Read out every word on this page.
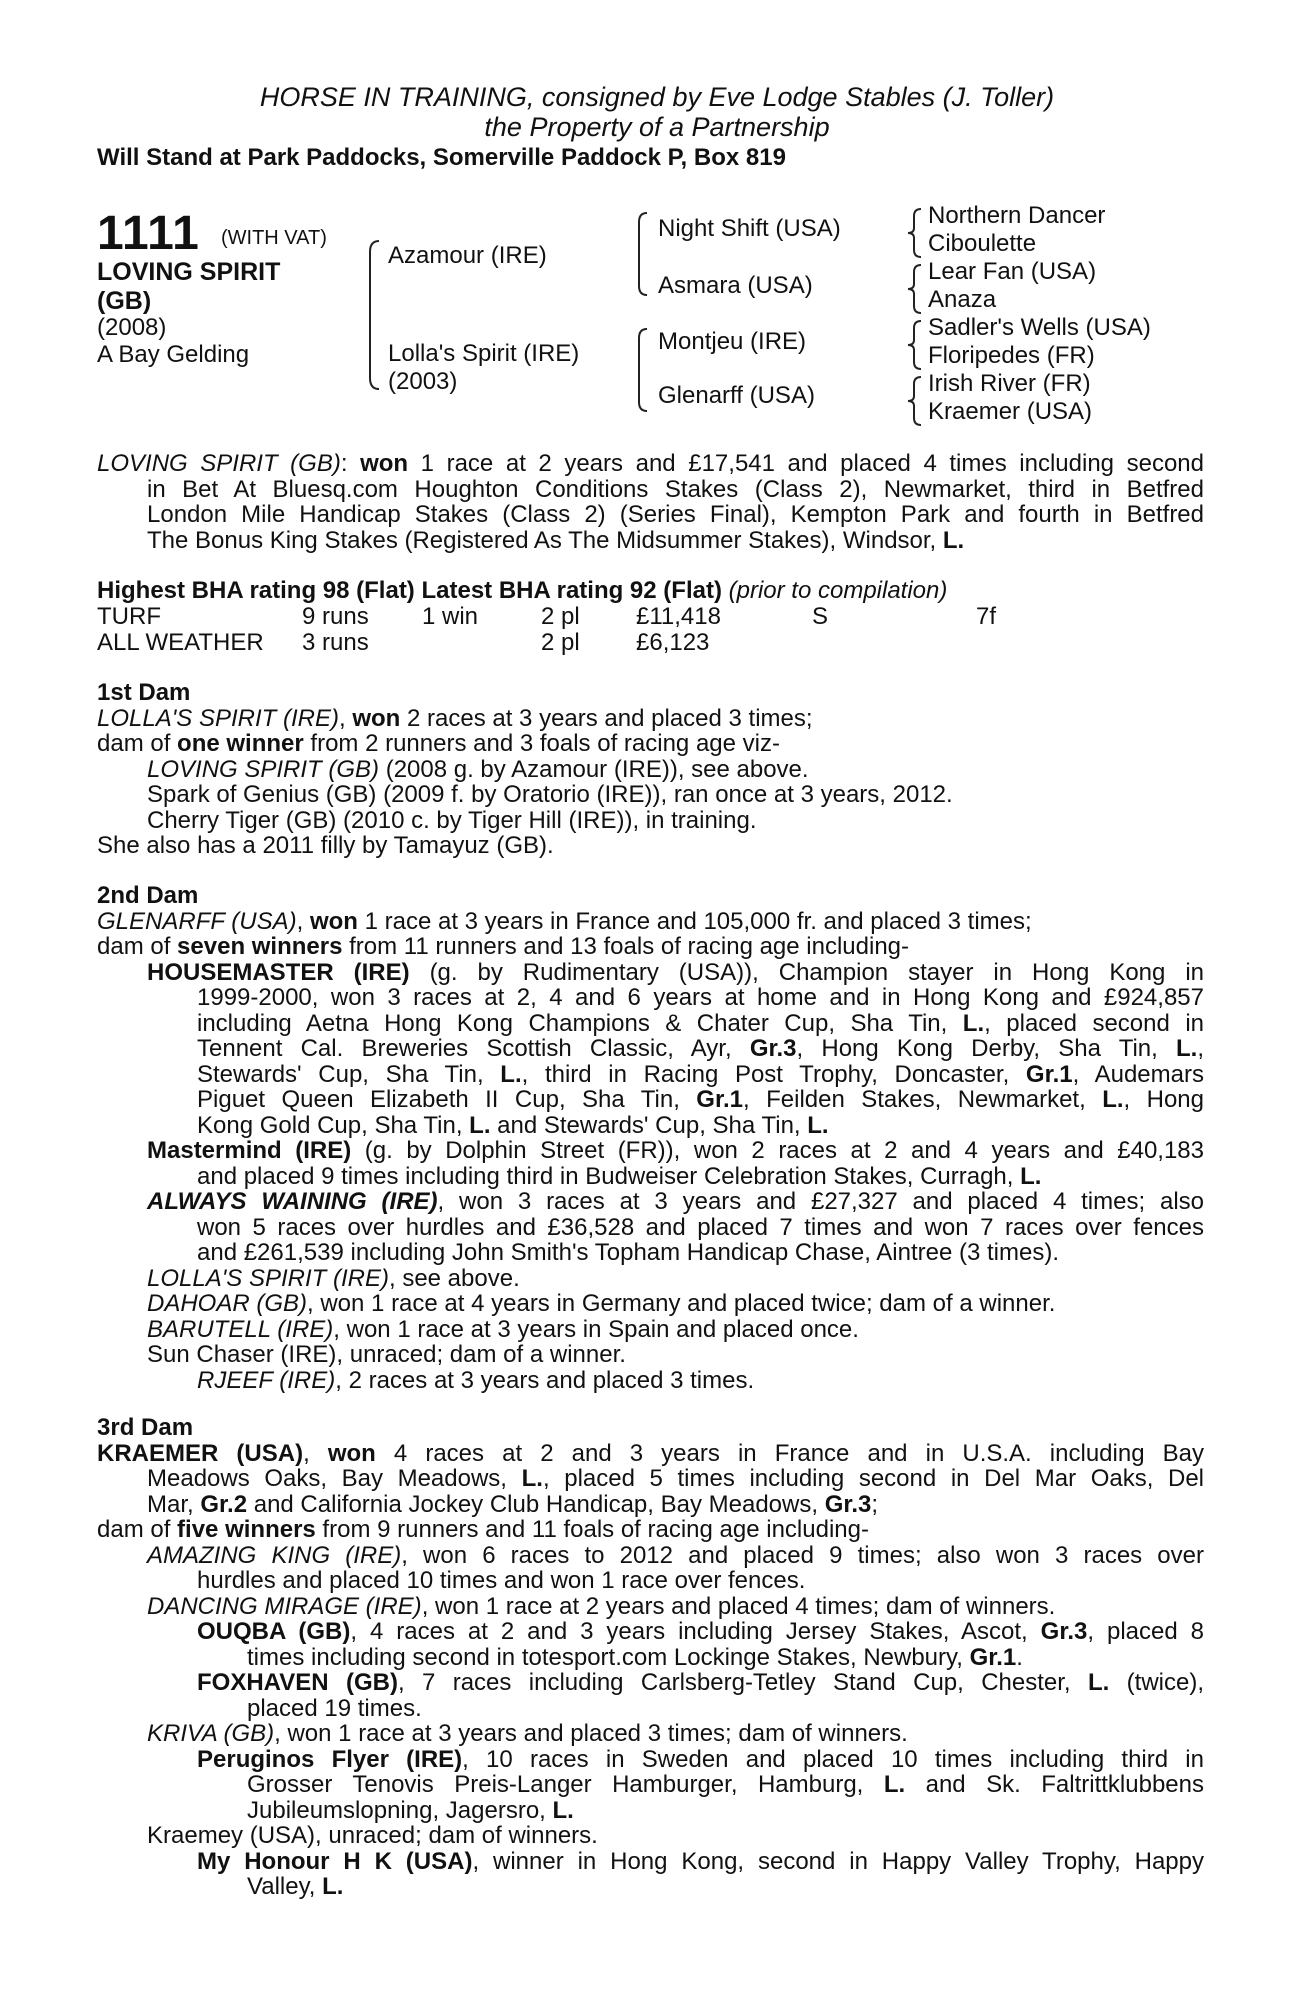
HORSE IN TRAINING, consigned by Eve Lodge Stables (J. Toller)
the Property of a Partnership
Will Stand at Park Paddocks, Somerville Paddock P, Box 819
1111 (WITH VAT)
LOVING SPIRIT (GB)
(2008)
A Bay Gelding
Azamour (IRE)
Lolla's Spirit (IRE)
(2003)
Night Shift (USA)
Asmara (USA)
Montjeu (IRE)
Glenarff (USA)
Northern Dancer
Ciboulette
Lear Fan (USA)
Anaza
Sadler's Wells (USA)
Floripedes (FR)
Irish River (FR)
Kraemer (USA)
LOVING SPIRIT (GB): won 1 race at 2 years and £17,541 and placed 4 times including second
in Bet At Bluesq.com Houghton Conditions Stakes (Class 2), Newmarket, third in Betfred
London Mile Handicap Stakes (Class 2) (Series Final), Kempton Park and fourth in Betfred
The Bonus King Stakes (Registered As The Midsummer Stakes), Windsor, L.
Highest BHA rating 98 (Flat) Latest BHA rating 92 (Flat) (prior to compilation)
TURF	9 runs 1 win	2 pl £11,418	S	7f
ALL WEATHER 3 runs	2 pl £6,123
1st Dam
LOLLA'S SPIRIT (IRE), won 2 races at 3 years and placed 3 times;
dam of one winner from 2 runners and 3 foals of racing age viz-
LOVING SPIRIT (GB) (2008 g. by Azamour (IRE)), see above.
Spark of Genius (GB) (2009 f. by Oratorio (IRE)), ran once at 3 years, 2012.
Cherry Tiger (GB) (2010 c. by Tiger Hill (IRE)), in training.
She also has a 2011 filly by Tamayuz (GB).
2nd Dam
GLENARFF (USA), won 1 race at 3 years in France and 105,000 fr. and placed 3 times;
dam of seven winners from 11 runners and 13 foals of racing age including-
HOUSEMASTER (IRE) (g. by Rudimentary (USA)), Champion stayer in Hong Kong in
1999-2000, won 3 races at 2, 4 and 6 years at home and in Hong Kong and £924,857
including Aetna Hong Kong Champions & Chater Cup, Sha Tin, L., placed second in
Tennent Cal. Breweries Scottish Classic, Ayr, Gr.3, Hong Kong Derby, Sha Tin, L.,
Stewards' Cup, Sha Tin, L., third in Racing Post Trophy, Doncaster, Gr.1, Audemars
Piguet Queen Elizabeth II Cup, Sha Tin, Gr.1, Feilden Stakes, Newmarket, L., Hong
Kong Gold Cup, Sha Tin, L. and Stewards' Cup, Sha Tin, L.
Mastermind (IRE) (g. by Dolphin Street (FR)), won 2 races at 2 and 4 years and £40,183
and placed 9 times including third in Budweiser Celebration Stakes, Curragh, L.
ALWAYS WAINING (IRE), won 3 races at 3 years and £27,327 and placed 4 times; also
won 5 races over hurdles and £36,528 and placed 7 times and won 7 races over fences
and £261,539 including John Smith's Topham Handicap Chase, Aintree (3 times).
LOLLA'S SPIRIT (IRE), see above.
DAHOAR (GB), won 1 race at 4 years in Germany and placed twice; dam of a winner.
BARUTELL (IRE), won 1 race at 3 years in Spain and placed once.
Sun Chaser (IRE), unraced; dam of a winner.
RJEEF (IRE), 2 races at 3 years and placed 3 times.
3rd Dam
KRAEMER (USA), won 4 races at 2 and 3 years in France and in U.S.A. including Bay
Meadows Oaks, Bay Meadows, L., placed 5 times including second in Del Mar Oaks, Del
Mar, Gr.2 and California Jockey Club Handicap, Bay Meadows, Gr.3;
dam of five winners from 9 runners and 11 foals of racing age including-
AMAZING KING (IRE), won 6 races to 2012 and placed 9 times; also won 3 races over
hurdles and placed 10 times and won 1 race over fences.
DANCING MIRAGE (IRE), won 1 race at 2 years and placed 4 times; dam of winners.
OUQBA (GB), 4 races at 2 and 3 years including Jersey Stakes, Ascot, Gr.3, placed 8
times including second in totesport.com Lockinge Stakes, Newbury, Gr.1.
FOXHAVEN (GB), 7 races including Carlsberg-Tetley Stand Cup, Chester, L. (twice),
placed 19 times.
KRIVA (GB), won 1 race at 3 years and placed 3 times; dam of winners.
Peruginos Flyer (IRE), 10 races in Sweden and placed 10 times including third in
Grosser Tenovis Preis-Langer Hamburger, Hamburg, L. and Sk. Faltrittklubbens
Jubileumslopning, Jagersro, L.
Kraemey (USA), unraced; dam of winners.
My Honour H K (USA), winner in Hong Kong, second in Happy Valley Trophy, Happy
Valley, L.
